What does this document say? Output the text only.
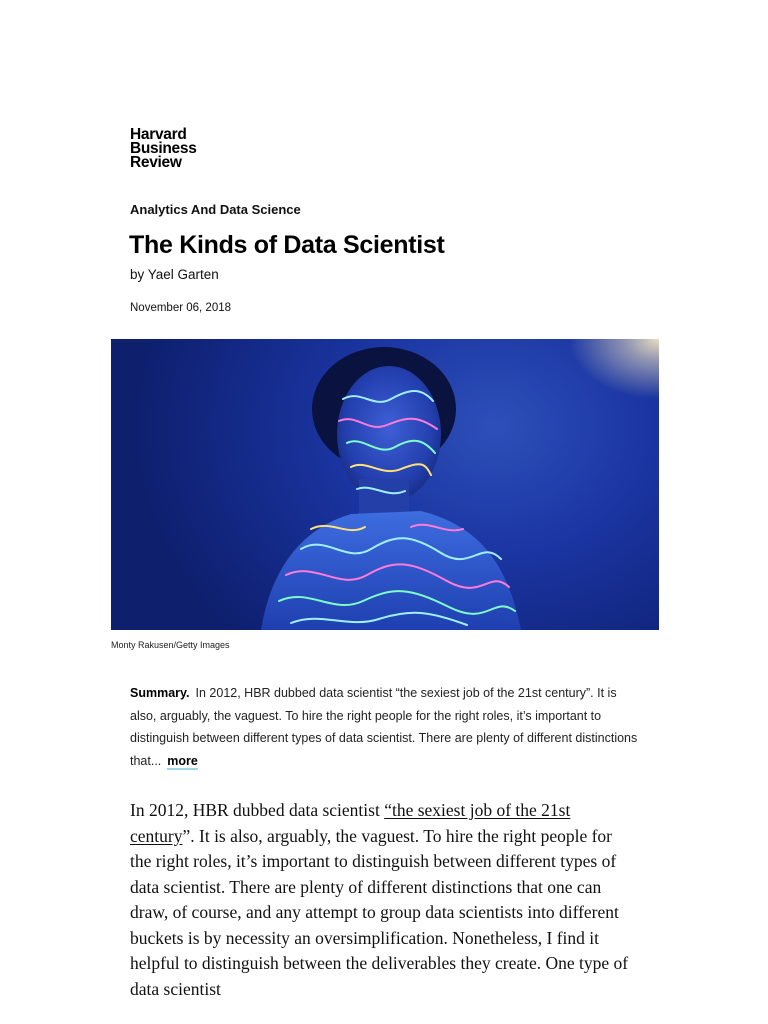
Harvard
Business
Review
Analytics And Data Science
The Kinds of Data Scientist
by Yael Garten
November 06, 2018
Monty Rakusen/Getty Images
Summary. In 2012, HBR dubbed data scientist “the sexiest job of the 21st century”. It is also, arguably, the vaguest. To hire the right people for the right roles, it’s important to distinguish between different types of data scientist. There are plenty of different distinctions that... more
In 2012, HBR dubbed data scientist “the sexiest job of the 21st century”. It is also, arguably, the vaguest. To hire the right people for the right roles, it’s important to distinguish between different types of data scientist. There are plenty of different distinctions that one can draw, of course, and any attempt to group data scientists into different buckets is by necessity an oversimplification. Nonetheless, I find it helpful to distinguish between the deliverables they create. One type of data scientist
